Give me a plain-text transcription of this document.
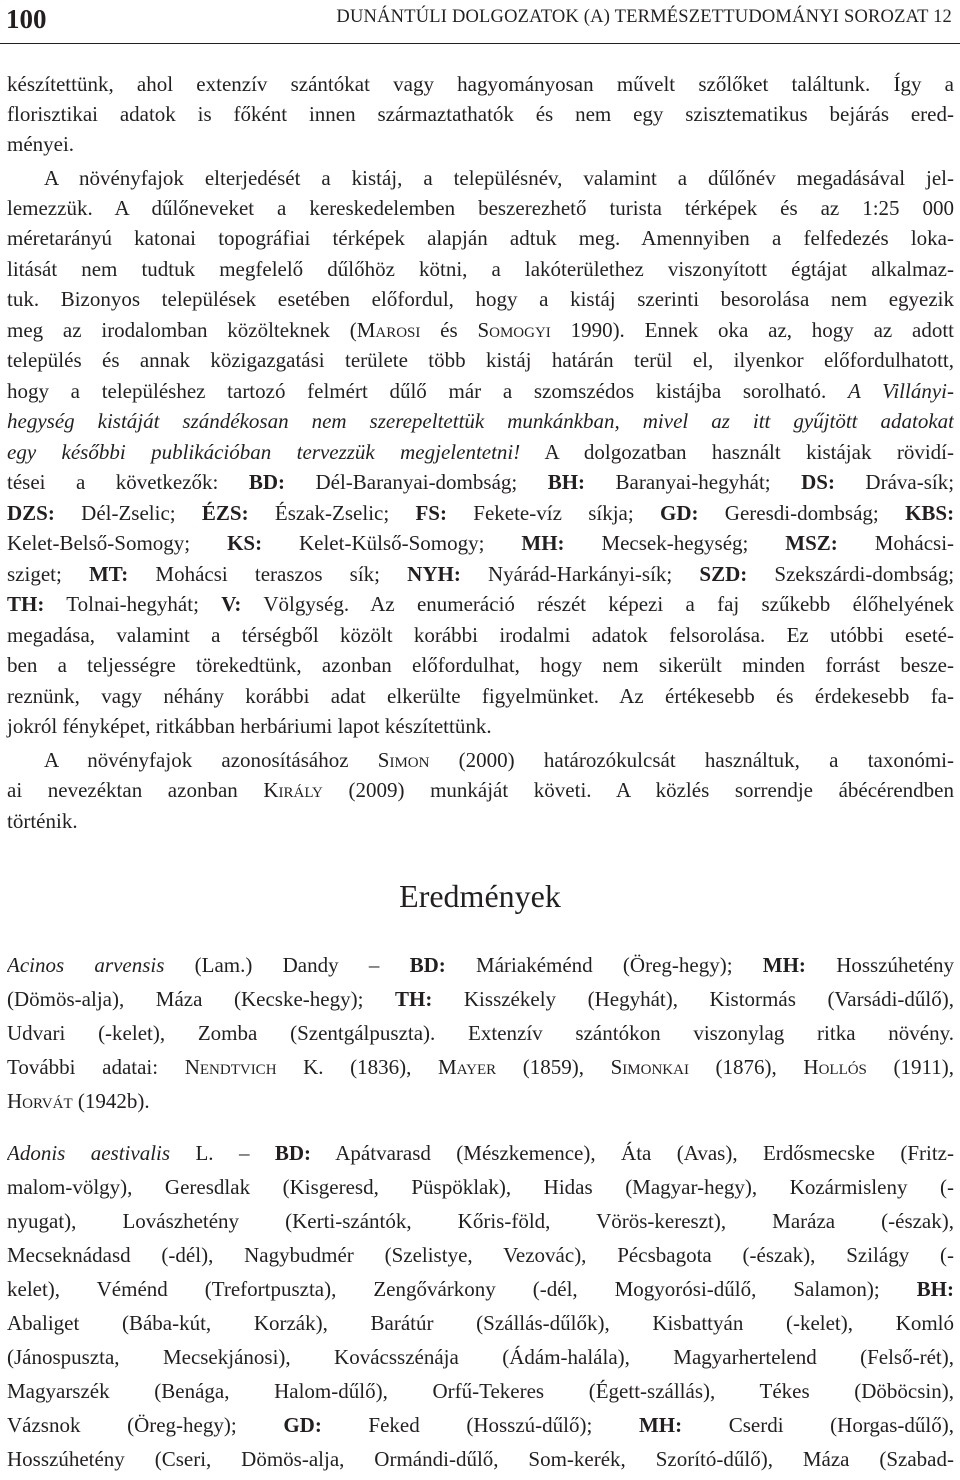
100	DUNÁNTÚLI DOLGOZATOK (A) TERMÉSZETTUDOMÁNYI SOROZAT 12
készítettünk, ahol extenzív szántókat vagy hagyományosan művelt szőlőket találtunk. Így a
florisztikai adatok is főként innen származtathatók és nem egy szisztematikus bejárás ered-
ményei.
A növényfajok elterjedését a kistáj, a településnév, valamint a dűlőnév megadásával jel-
lemezzük. A dűlőneveket a kereskedelemben beszerezhető turista térképek és az 1:25 000
méretarányú katonai topográfiai térképek alapján adtuk meg. Amennyiben a felfedezés loka-
litását nem tudtuk megfelelő dűlőhöz kötni, a lakóterülethez viszonyított égtájat alkalmaz-
tuk. Bizonyos települések esetében előfordul, hogy a kistáj szerinti besorolása nem egyezik
meg az irodalomban közölteknek (Marosi és Somogyi 1990). Ennek oka az, hogy az adott
település és annak közigazgatási területe több kistáj határán terül el, ilyenkor előfordulhatott,
hogy a településhez tartozó felmért dűlő már a szomszédos kistájba sorolható. A Villányi-
hegység kistáját szándékosan nem szerepeltettük munkánkban, mivel az itt gyűjtött adatokat
egy későbbi publikációban tervezzük megjelentetni! A dolgozatban használt kistájak rövidí-
tései a következők: BD: Dél-Baranyai-dombság; BH: Baranyai-hegyhát; DS: Dráva-sík;
DZS: Dél-Zselic; ÉZS: Észak-Zselic; FS: Fekete-víz síkja; GD: Geresdi-dombság; KBS:
Kelet-Belső-Somogy; KS: Kelet-Külső-Somogy; MH: Mecsek-hegység; MSZ: Mohácsi-
sziget; MT: Mohácsi teraszos sík; NYH: Nyárád-Harkányi-sík; SZD: Szekszárdi-dombság;
TH: Tolnai-hegyhát; V: Völgység. Az enumeráció részét képezi a faj szűkebb élőhelyének
megadása, valamint a térségből közölt korábbi irodalmi adatok felsorolása. Ez utóbbi eseté-
ben a teljességre törekedtünk, azonban előfordulhat, hogy nem sikerült minden forrást besze-
reznünk, vagy néhány korábbi adat elkerülte figyelmünket. Az értékesebb és érdekesebb fa-
jokról fényképet, ritkábban herbáriumi lapot készítettünk.
A növényfajok azonosításához Simon (2000) határozókulcsát használtuk, a taxonómi-
ai nevezéktan azonban Király (2009) munkáját követi. A közlés sorrendje ábécérendben
történik.
Eredmények
Acinos arvensis (Lam.) Dandy – BD: Máriakéménd (Öreg-hegy); MH: Hosszúhetény
(Dömös-alja), Máza (Kecske-hegy); TH: Kisszékely (Hegyhát), Kistormás (Varsádi-dűlő),
Udvari (-kelet), Zomba (Szentgálpuszta). Extenzív szántókon viszonylag ritka növény.
További adatai: Nendtvich K. (1836), Mayer (1859), Simonkai (1876), Hollós (1911),
Horvát (1942b).
Adonis aestivalis L. – BD: Apátvarasd (Mészkemence), Áta (Avas), Erdősmecske (Fritz-
malom-völgy), Geresdlak (Kisgeresd, Püspöklak), Hidas (Magyar-hegy), Kozármisleny (-
nyugat), Lovászhetény (Kerti-szántók, Kőris-föld, Vörös-kereszt), Maráza (-észak),
Mecseknádasd (-dél), Nagybudmér (Szelistye, Vezovác), Pécsbagota (-észak), Szilágy (-
kelet), Véménd (Trefortpuszta), Zengővárkony (-dél, Mogyorósi-dűlő, Salamon); BH:
Abaliget (Bába-kút, Korzák), Barátúr (Szállás-dűlők), Kisbattyán (-kelet), Komló
(Jánospuszta, Mecsekjánosi), Kovácsszénája (Ádám-halála), Magyarhertelend (Felső-rét),
Magyarszék (Benága, Halom-dűlő), Orfű-Tekeres (Égett-szállás), Tékes (Döböcsin),
Vázsnok (Öreg-hegy); GD: Feked (Hosszú-dűlő); MH: Cserdi (Horgas-dűlő),
Hosszúhetény (Cseri, Dömös-alja, Ormándi-dűlő, Som-kerék, Szorító-dűlő), Máza (Szabad-
